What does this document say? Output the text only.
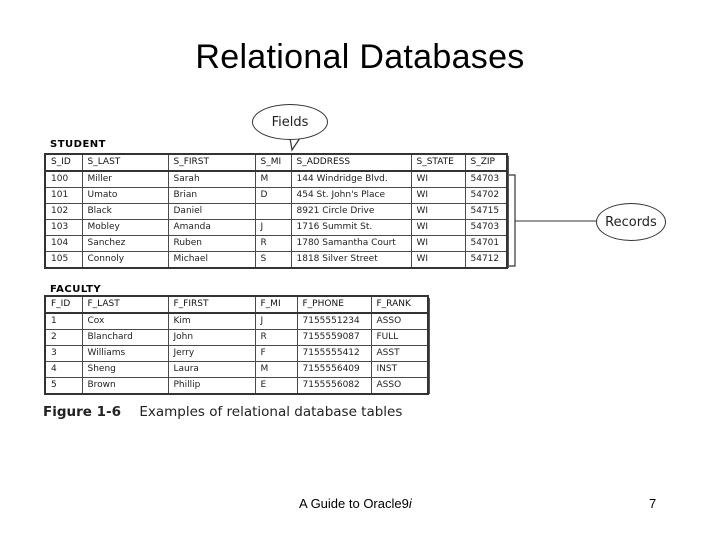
Relational Databases
Fields
Records
STUDENT
S_ID	S_LAST	S_FIRST	S_MI	S_ADDRESS	S_STATE	S_ZIP
100	Miller	Sarah	M	144 Windridge Blvd.	WI	54703
101	Umato	Brian	D	454 St. John's Place	WI	54702
102	Black	Daniel		8921 Circle Drive	WI	54715
103	Mobley	Amanda	J	1716 Summit St.	WI	54703
104	Sanchez	Ruben	R	1780 Samantha Court	WI	54701
105	Connoly	Michael	S	1818 Silver Street	WI	54712
FACULTY
F_ID	F_LAST	F_FIRST	F_MI	F_PHONE	F_RANK
1	Cox	Kim	J	7155551234	ASSO
2	Blanchard	John	R	7155559087	FULL
3	Williams	Jerry	F	7155555412	ASST
4	Sheng	Laura	M	7155556409	INST
5	Brown	Phillip	E	7155556082	ASSO
Figure 1-6 Examples of relational database tables
A Guide to Oracle9i	7
